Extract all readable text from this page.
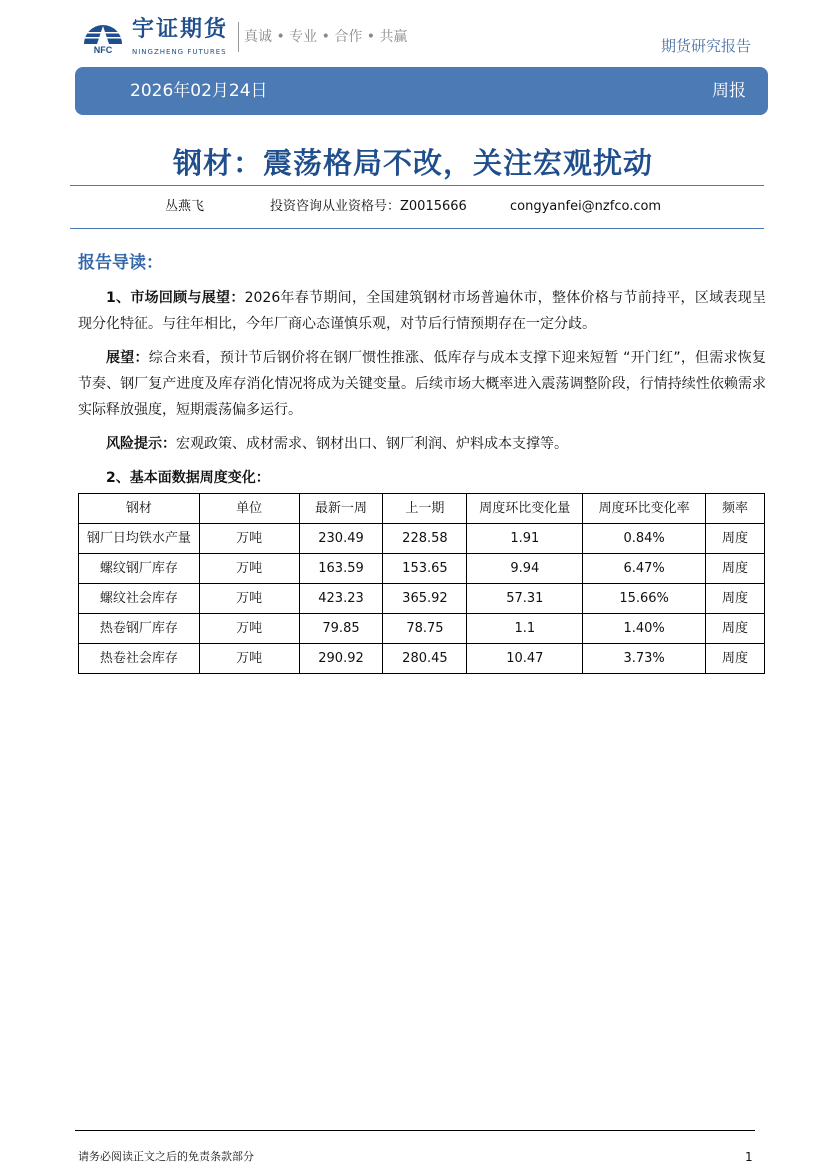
NFC
宇证期货
NINGZHENG FUTURES
真诚 • 专业 • 合作 • 共赢	期货研究报告
2026年02月24日	周报
钢材：震荡格局不改，关注宏观扰动
丛燕飞	投资咨询从业资格号：Z0015666	congyanfei@nzfco.com
报告导读：

1、市场回顾与展望：2026年春节期间，全国建筑钢材市场普遍休市，整体价格与节前持平，区域表现呈现分化特征。与往年相比，今年厂商心态谨慎乐观，对节后行情预期存在一定分歧。

展望：综合来看，预计节后钢价将在钢厂惯性推涨、低库存与成本支撑下迎来短暂 “开门红”，但需求恢复节奏、钢厂复产进度及库存消化情况将成为关键变量。后续市场大概率进入震荡调整阶段，行情持续性依赖需求实际释放强度，短期震荡偏多运行。

风险提示：宏观政策、成材需求、钢材出口、钢厂利润、炉料成本支撑等。

2、基本面数据周度变化：

钢材	单位	最新一周	上一期	周度环比变化量	周度环比变化率	频率
钢厂日均铁水产量	万吨	230.49	228.58	1.91	0.84%	周度
螺纹钢厂库存	万吨	163.59	153.65	9.94	6.47%	周度
螺纹社会库存	万吨	423.23	365.92	57.31	15.66%	周度
热卷钢厂库存	万吨	79.85	78.75	1.1	1.40%	周度
热卷社会库存	万吨	290.92	280.45	10.47	3.73%	周度
请务必阅读正文之后的免责条款部分	1
